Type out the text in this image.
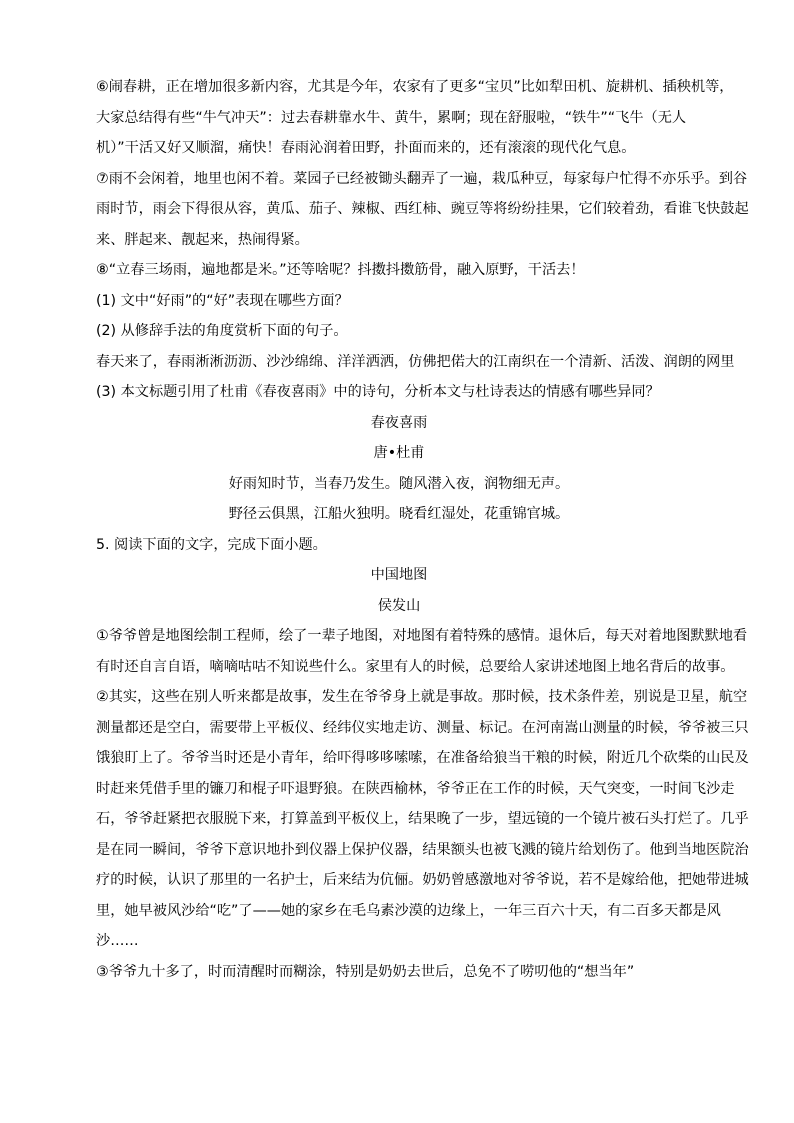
⑥闹春耕，正在增加很多新内容，尤其是今年，农家有了更多“宝贝”比如犁田机、旋耕机、插秧机等，

大家总结得有些“牛气冲天”：过去春耕靠水牛、黄牛，累啊；现在舒服啦，“铁牛”“飞牛（无人

机）”干活又好又顺溜，痛快！春雨沁润着田野，扑面而来的，还有滚滚的现代化气息。

⑦雨不会闲着，地里也闲不着。菜园子已经被锄头翻弄了一遍，栽瓜种豆，每家每户忙得不亦乐乎。到谷

雨时节，雨会下得很从容，黄瓜、茄子、辣椒、西红柿、豌豆等将纷纷挂果，它们较着劲，看谁飞快鼓起

来、胖起来、靓起来，热闹得紧。

⑧“立春三场雨，遍地都是米。”还等啥呢？抖擞抖擞筋骨，融入原野，干活去！

(1) 文中“好雨”的“好”表现在哪些方面？

(2) 从修辞手法的角度赏析下面的句子。

春天来了，春雨淅淅沥沥、沙沙绵绵、洋洋洒洒，仿佛把偌大的江南织在一个清新、活泼、润朗的网里

(3) 本文标题引用了杜甫《春夜喜雨》中的诗句，分析本文与杜诗表达的情感有哪些异同？

春夜喜雨

唐•杜甫

好雨知时节，当春乃发生。随风潜入夜，润物细无声。

野径云俱黑，江船火独明。晓看红湿处，花重锦官城。

5. 阅读下面的文字，完成下面小题。

中国地图

侯发山

①爷爷曾是地图绘制工程师，绘了一辈子地图，对地图有着特殊的感情。退休后，每天对着地图默默地看

有时还自言自语，嘀嘀咕咕不知说些什么。家里有人的时候，总要给人家讲述地图上地名背后的故事。

②其实，这些在别人听来都是故事，发生在爷爷身上就是事故。那时候，技术条件差，别说是卫星，航空

测量都还是空白，需要带上平板仪、经纬仪实地走访、测量、标记。在河南嵩山测量的时候，爷爷被三只

饿狼盯上了。爷爷当时还是小青年，给吓得哆哆嗦嗦，在准备给狼当干粮的时候，附近几个砍柴的山民及

时赶来凭借手里的镰刀和棍子吓退野狼。在陕西榆林，爷爷正在工作的时候，天气突变，一时间飞沙走

石，爷爷赶紧把衣服脱下来，打算盖到平板仪上，结果晚了一步，望远镜的一个镜片被石头打烂了。几乎

是在同一瞬间，爷爷下意识地扑到仪器上保护仪器，结果额头也被飞溅的镜片给划伤了。他到当地医院治

疗的时候，认识了那里的一名护士，后来结为伉俪。奶奶曾感激地对爷爷说，若不是嫁给他，把她带进城

里，她早被风沙给“吃”了——她的家乡在毛乌素沙漠的边缘上，一年三百六十天，有二百多天都是风

沙……

③爷爷九十多了，时而清醒时而糊涂，特别是奶奶去世后，总免不了唠叨他的“想当年”
